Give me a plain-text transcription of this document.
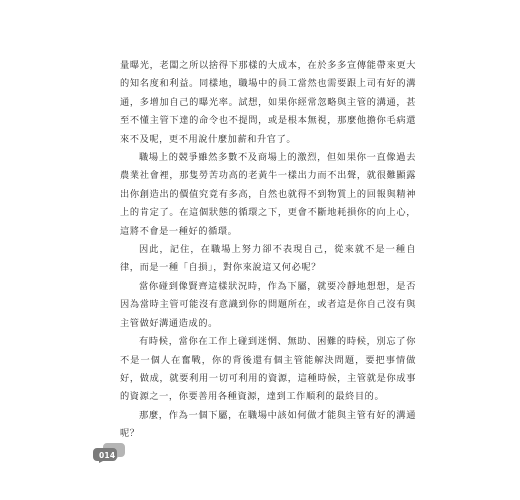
量曝光，老闆之所以捨得下那樣的大成本，在於多多宣傳能帶來更大的知名度和利益。同樣地，職場中的員工當然也需要跟上司有好的溝通，多增加自己的曝光率。試想，如果你經常忽略與主管的溝通，甚至不懂主管下達的命令也不提問，或是根本無視，那麼他擔你毛病還來不及呢，更不用說什麼加薪和升官了。

職場上的競爭雖然多數不及商場上的激烈，但如果你一直像過去農業社會裡，那隻勞苦功高的老黃牛一樣出力而不出聲，就很難顯露出你創造出的價值究竟有多高，自然也就得不到物質上的回報與精神上的肯定了。在這個狀態的循環之下，更會不斷地耗損你的向上心，這將不會是一種好的循環。

因此，記住，在職場上努力卻不表現自己，從來就不是一種自律，而是一種「自損」，對你來說這又何必呢？

當你碰到像賢齊這樣狀況時，作為下屬，就要冷靜地想想，是否因為當時主管可能沒有意識到你的問題所在，或者這是你自己沒有與主管做好溝通造成的。

有時候，當你在工作上碰到迷惘、無助、困難的時候，別忘了你不是一個人在奮戰，你的背後還有個主管能解決問題，要把事情做好，做成，就要利用一切可利用的資源，這種時候，主管就是你成事的資源之一，你要善用各種資源，達到工作順利的最終目的。

那麼，作為一個下屬，在職場中該如何做才能與主管有好的溝通呢？

014
